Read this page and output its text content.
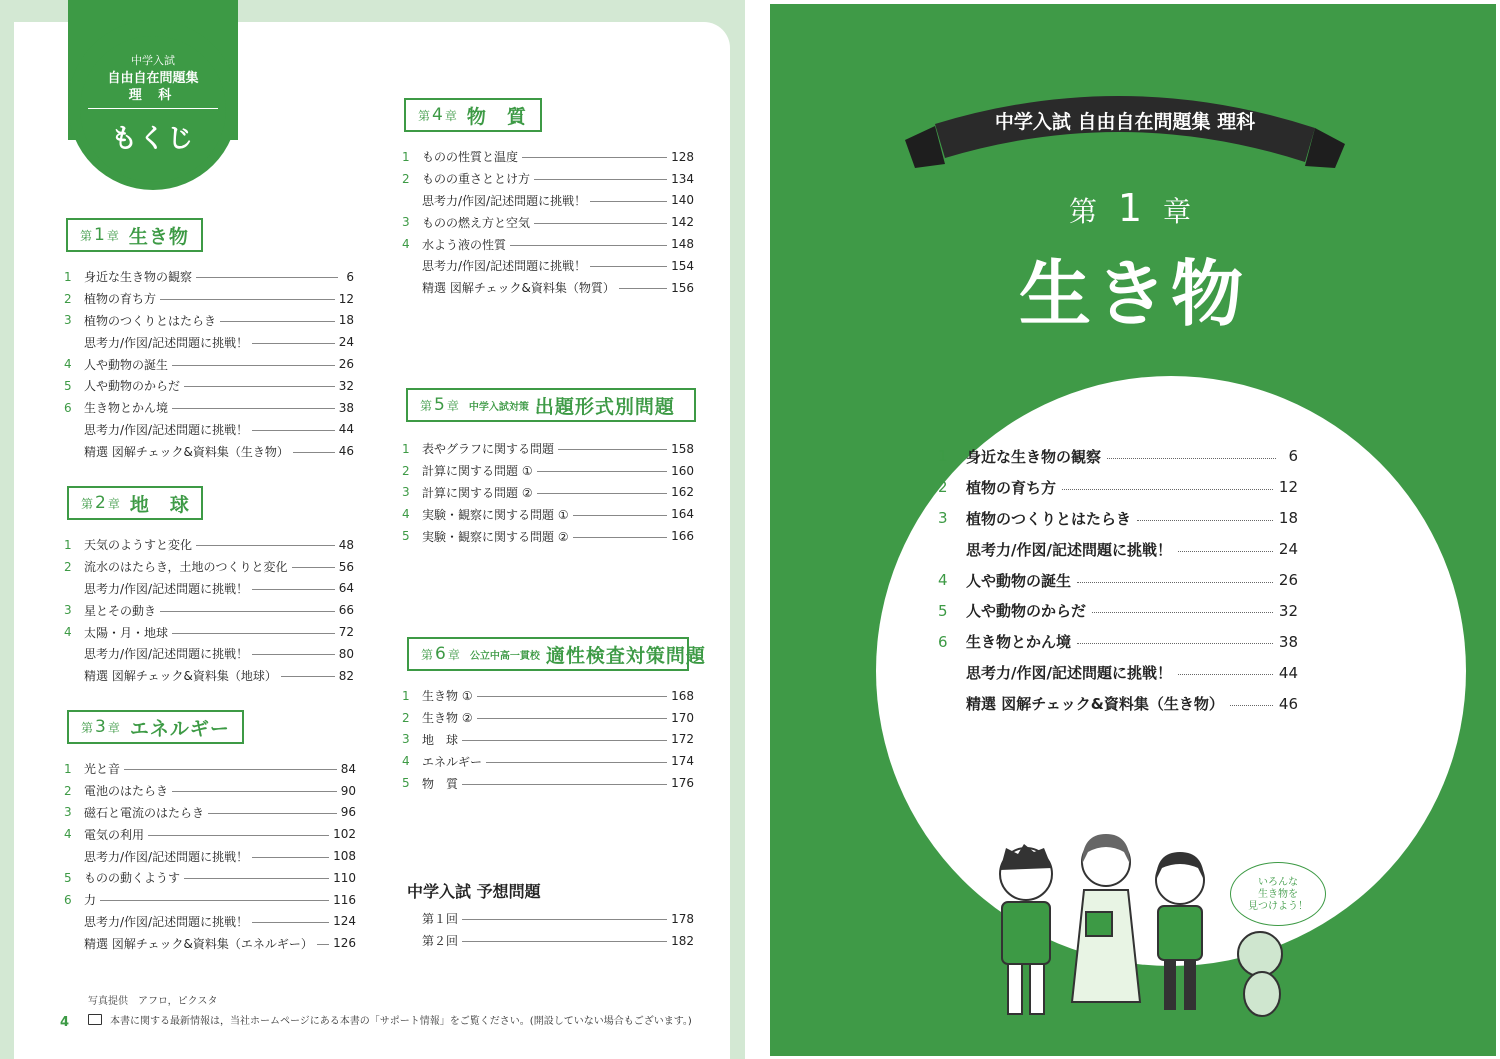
中学入試
自由自在問題集
理 科
もくじ
第 1 章 生き物
1	身近な生き物の観察	6
2	植物の育ち方	12
3	植物のつくりとはたらき	18
思考力/作図/記述問題に挑戦！	24
4	人や動物の誕生	26
5	人や動物のからだ	32
6	生き物とかん境	38
思考力/作図/記述問題に挑戦！	44
精選 図解チェック&資料集（生き物）	46
第 2 章 地　球
1	天気のようすと変化	48
2	流水のはたらき，土地のつくりと変化	56
思考力/作図/記述問題に挑戦！	64
3	星とその動き	66
4	太陽・月・地球	72
思考力/作図/記述問題に挑戦！	80
精選 図解チェック&資料集（地球）	82
第 3 章 エネルギー
1	光と音	84
2	電池のはたらき	90
3	磁石と電流のはたらき	96
4	電気の利用	102
思考力/作図/記述問題に挑戦！	108
5	ものの動くようす	110
6	力	116
思考力/作図/記述問題に挑戦！	124
精選 図解チェック&資料集（エネルギー） 126
第 4 章 物　質
1	ものの性質と温度	128
2	ものの重さととけ方	134
思考力/作図/記述問題に挑戦！	140
3	ものの燃え方と空気	142
4	水よう液の性質	148
思考力/作図/記述問題に挑戦！	154
精選 図解チェック&資料集（物質）	156
第 5 章 中学入試対策 出題形式別問題
1	表やグラフに関する問題	158
2	計算に関する問題 ①	160
3	計算に関する問題 ②	162
4	実験・観察に関する問題 ①	164
5	実験・観察に関する問題 ②	166
第 6 章 公立中高一貫校 適性検査対策問題
1	生き物 ①	168
2	生き物 ②	170
3	地　球	172
4	エネルギー	174
5	物　質	176
中学入試 予想問題
第１回	178
第２回	182
写真提供　アフロ，ピクスタ
4	本書に関する最新情報は，当社ホームページにある本書の「サポート情報」をご覧ください。(開設していない場合もございます。)
中学入試 自由自在問題集 理科
第 1 章
生き物
1	身近な生き物の観察	6
2	植物の育ち方	12
3	植物のつくりとはたらき	18
思考力/作図/記述問題に挑戦！	24
4	人や動物の誕生	26
5	人や動物のからだ	32
6	生き物とかん境	38
思考力/作図/記述問題に挑戦！	44
精選 図解チェック&資料集（生き物）	46
いろんな
生き物を
見つけよう！
